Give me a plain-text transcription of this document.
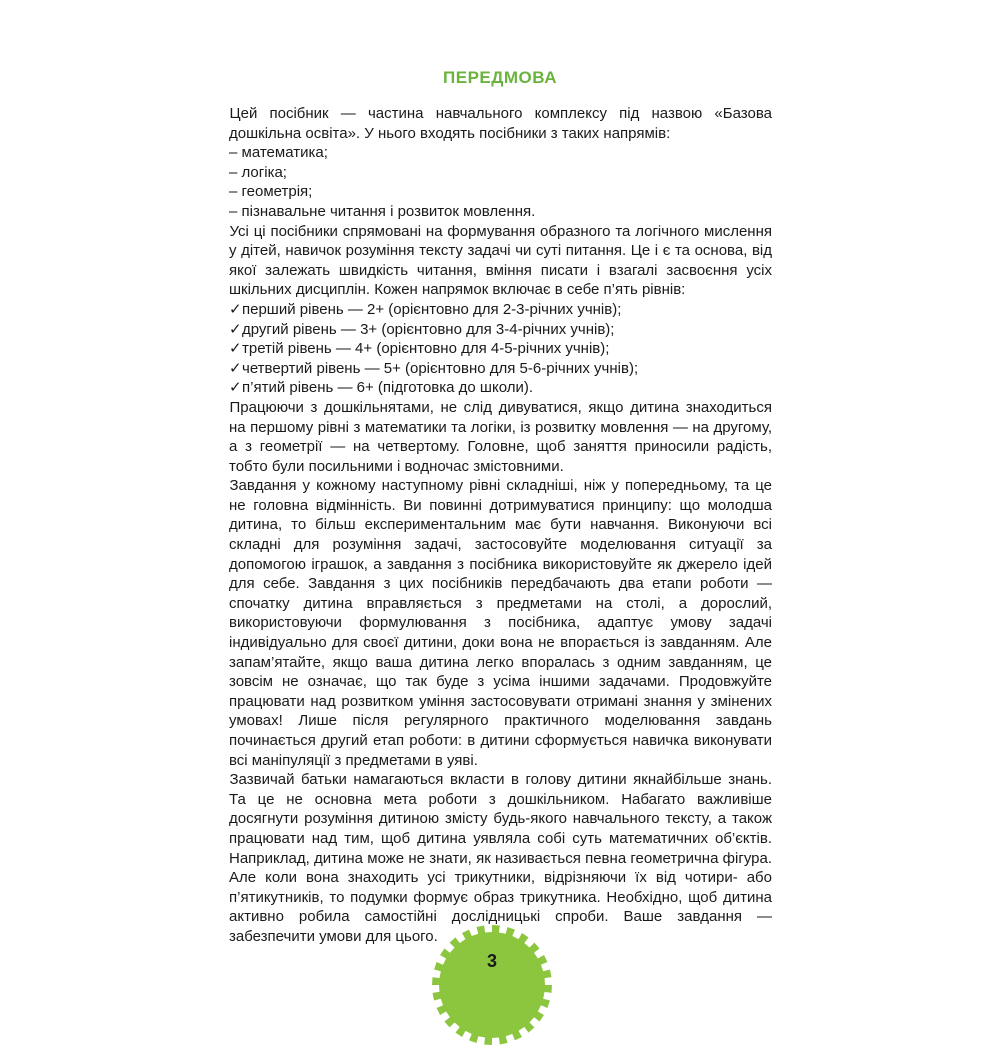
ПЕРЕДМОВА

Цей посібник — частина навчального комплексу під назвою «Базова дошкільна освіта». У нього входять посібники з таких напрямів:

– математика;
– логіка;
– геометрія;
– пізнавальне читання і розвиток мовлення.

Усі ці посібники спрямовані на формування образного та логічного мислення у дітей, навичок розуміння тексту задачі чи суті питання. Це і є та основа, від якої залежать швидкість читання, вміння писати і взагалі засвоєння усіх шкільних дисциплін. Кожен напрямок включає в себе п’ять рівнів:

✓перший рівень — 2+ (орієнтовно для 2-3-річних учнів);
✓другий рівень — 3+ (орієнтовно для 3-4-річних учнів);
✓третій рівень — 4+ (орієнтовно для 4-5-річних учнів);
✓четвертий рівень — 5+ (орієнтовно для 5-6-річних учнів);
✓п’ятий рівень — 6+ (підготовка до школи).

Працюючи з дошкільнятами, не слід дивуватися, якщо дитина знаходиться на першому рівні з математики та логіки, із розвитку мовлення — на другому, а з геометрії — на четвертому. Головне, щоб заняття приносили радість, тобто були посильними і водночас змістовними.

Завдання у кожному наступному рівні складніші, ніж у попередньому, та це не головна відмінність. Ви повинні дотримуватися принципу: що молодша дитина, то більш експериментальним має бути навчання. Виконуючи всі складні для розуміння задачі, застосовуйте моделювання ситуації за допомогою іграшок, а завдання з посібника використовуйте як джерело ідей для себе. Завдання з цих посібників передбачають два етапи роботи — спочатку дитина вправляється з предметами на столі, а дорослий, використовуючи формулювання з посібника, адаптує умову задачі індивідуально для своєї дитини, доки вона не впорається із завданням. Але запам’ятайте, якщо ваша дитина легко впоралась з одним завданням, це зовсім не означає, що так буде з усіма іншими задачами. Продовжуйте працювати над розвитком уміння застосовувати отримані знання у змінених умовах! Лише після регулярного практичного моделювання завдань починається другий етап роботи: в дитини сформується навичка виконувати всі маніпуляції з предметами в уяві.

Зазвичай батьки намагаються вкласти в голову дитини якнайбільше знань. Та це не основна мета роботи з дошкільником. Набагато важливіше досягнути розуміння дитиною змісту будь-якого навчального тексту, а також працювати над тим, щоб дитина уявляла собі суть математичних об’єктів. Наприклад, дитина може не знати, як називається певна геометрична фігура. Але коли вона знаходить усі трикутники, відрізняючи їх від чотири- або п’ятикутників, то подумки формує образ трикутника. Необхідно, щоб дитина активно робила самостійні дослідницькі спроби. Ваше завдання — забезпечити умови для цього.

3
